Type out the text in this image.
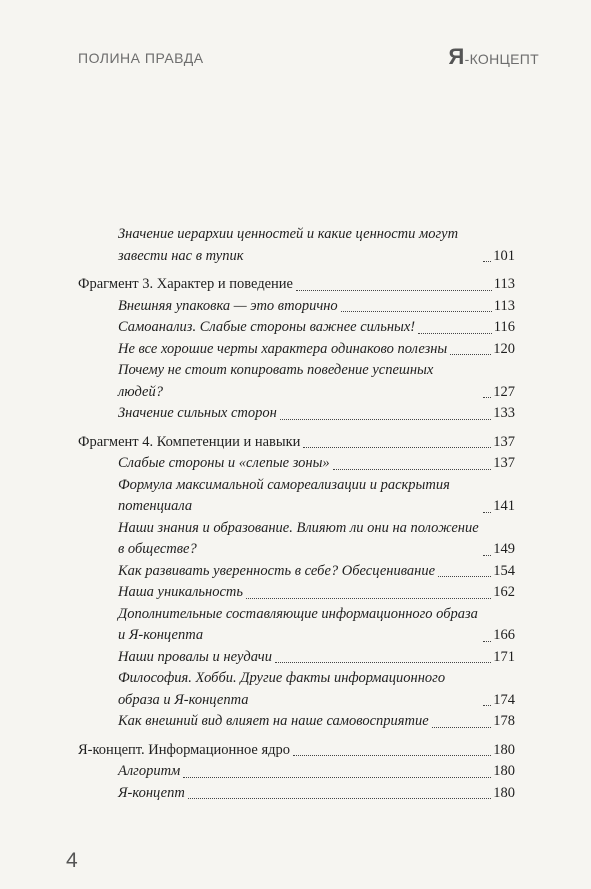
ПОЛИНА ПРАВДА	Я-КОНЦЕПТ
Значение иерархии ценностей и какие ценности могут завести нас в тупик	101
Фрагмент 3. Характер и поведение	113
Внешняя упаковка — это вторично	113
Самоанализ. Слабые стороны важнее сильных!	116
Не все хорошие черты характера одинаково полезны	120
Почему не стоит копировать поведение успешных людей?	127
Значение сильных сторон	133
Фрагмент 4. Компетенции и навыки	137
Слабые стороны и «слепые зоны»	137
Формула максимальной самореализации и раскрытия потенциала	141
Наши знания и образование. Влияют ли они на положение в обществе?	149
Как развивать уверенность в себе? Обесценивание	154
Наша уникальность	162
Дополнительные составляющие информационного образа и Я-концепта	166
Наши провалы и неудачи	171
Философия. Хобби. Другие факты информационного образа и Я-концепта	174
Как внешний вид влияет на наше самовосприятие	178
Я-концепт. Информационное ядро	180
Алгоритм	180
Я-концепт	180
4
